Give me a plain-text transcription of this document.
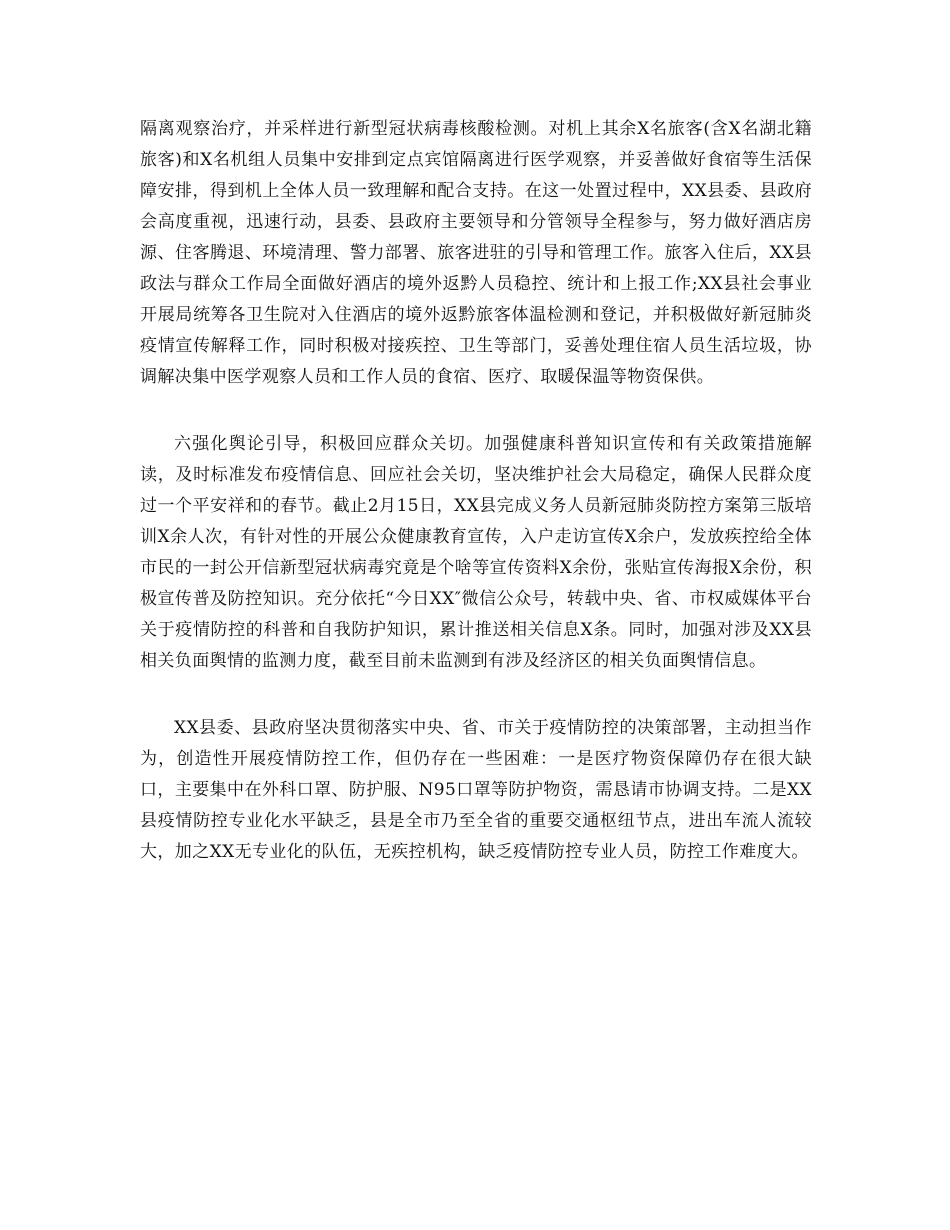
隔离观察治疗，并采样进行新型冠状病毒核酸检测。对机上其余X名旅客(含X名湖北籍旅客)和X名机组人员集中安排到定点宾馆隔离进行医学观察，并妥善做好食宿等生活保障安排，得到机上全体人员一致理解和配合支持。在这一处置过程中，XX县委、县政府会高度重视，迅速行动，县委、县政府主要领导和分管领导全程参与，努力做好酒店房源、住客腾退、环境清理、警力部署、旅客进驻的引导和管理工作。旅客入住后，XX县政法与群众工作局全面做好酒店的境外返黔人员稳控、统计和上报工作;XX县社会事业开展局统筹各卫生院对入住酒店的境外返黔旅客体温检测和登记，并积极做好新冠肺炎疫情宣传解释工作，同时积极对接疾控、卫生等部门，妥善处理住宿人员生活垃圾，协调解决集中医学观察人员和工作人员的食宿、医疗、取暖保温等物资保供。

六强化舆论引导，积极回应群众关切。加强健康科普知识宣传和有关政策措施解读，及时标准发布疫情信息、回应社会关切，坚决维护社会大局稳定，确保人民群众度过一个平安祥和的春节。截止2月15日，XX县完成义务人员新冠肺炎防控方案第三版培训X余人次，有针对性的开展公众健康教育宣传，入户走访宣传X余户，发放疾控给全体市民的一封公开信新型冠状病毒究竟是个啥等宣传资料X余份，张贴宣传海报X余份，积极宣传普及防控知识。充分依托“今日XX″微信公众号，转载中央、省、市权威媒体平台关于疫情防控的科普和自我防护知识，累计推送相关信息X条。同时，加强对涉及XX县相关负面舆情的监测力度，截至目前未监测到有涉及经济区的相关负面舆情信息。

XX县委、县政府坚决贯彻落实中央、省、市关于疫情防控的决策部署，主动担当作为，创造性开展疫情防控工作，但仍存在一些困难：一是医疗物资保障仍存在很大缺口，主要集中在外科口罩、防护服、N95口罩等防护物资，需恳请市协调支持。二是XX县疫情防控专业化水平缺乏，县是全市乃至全省的重要交通枢纽节点，进出车流人流较大，加之XX无专业化的队伍，无疾控机构，缺乏疫情防控专业人员，防控工作难度大。
